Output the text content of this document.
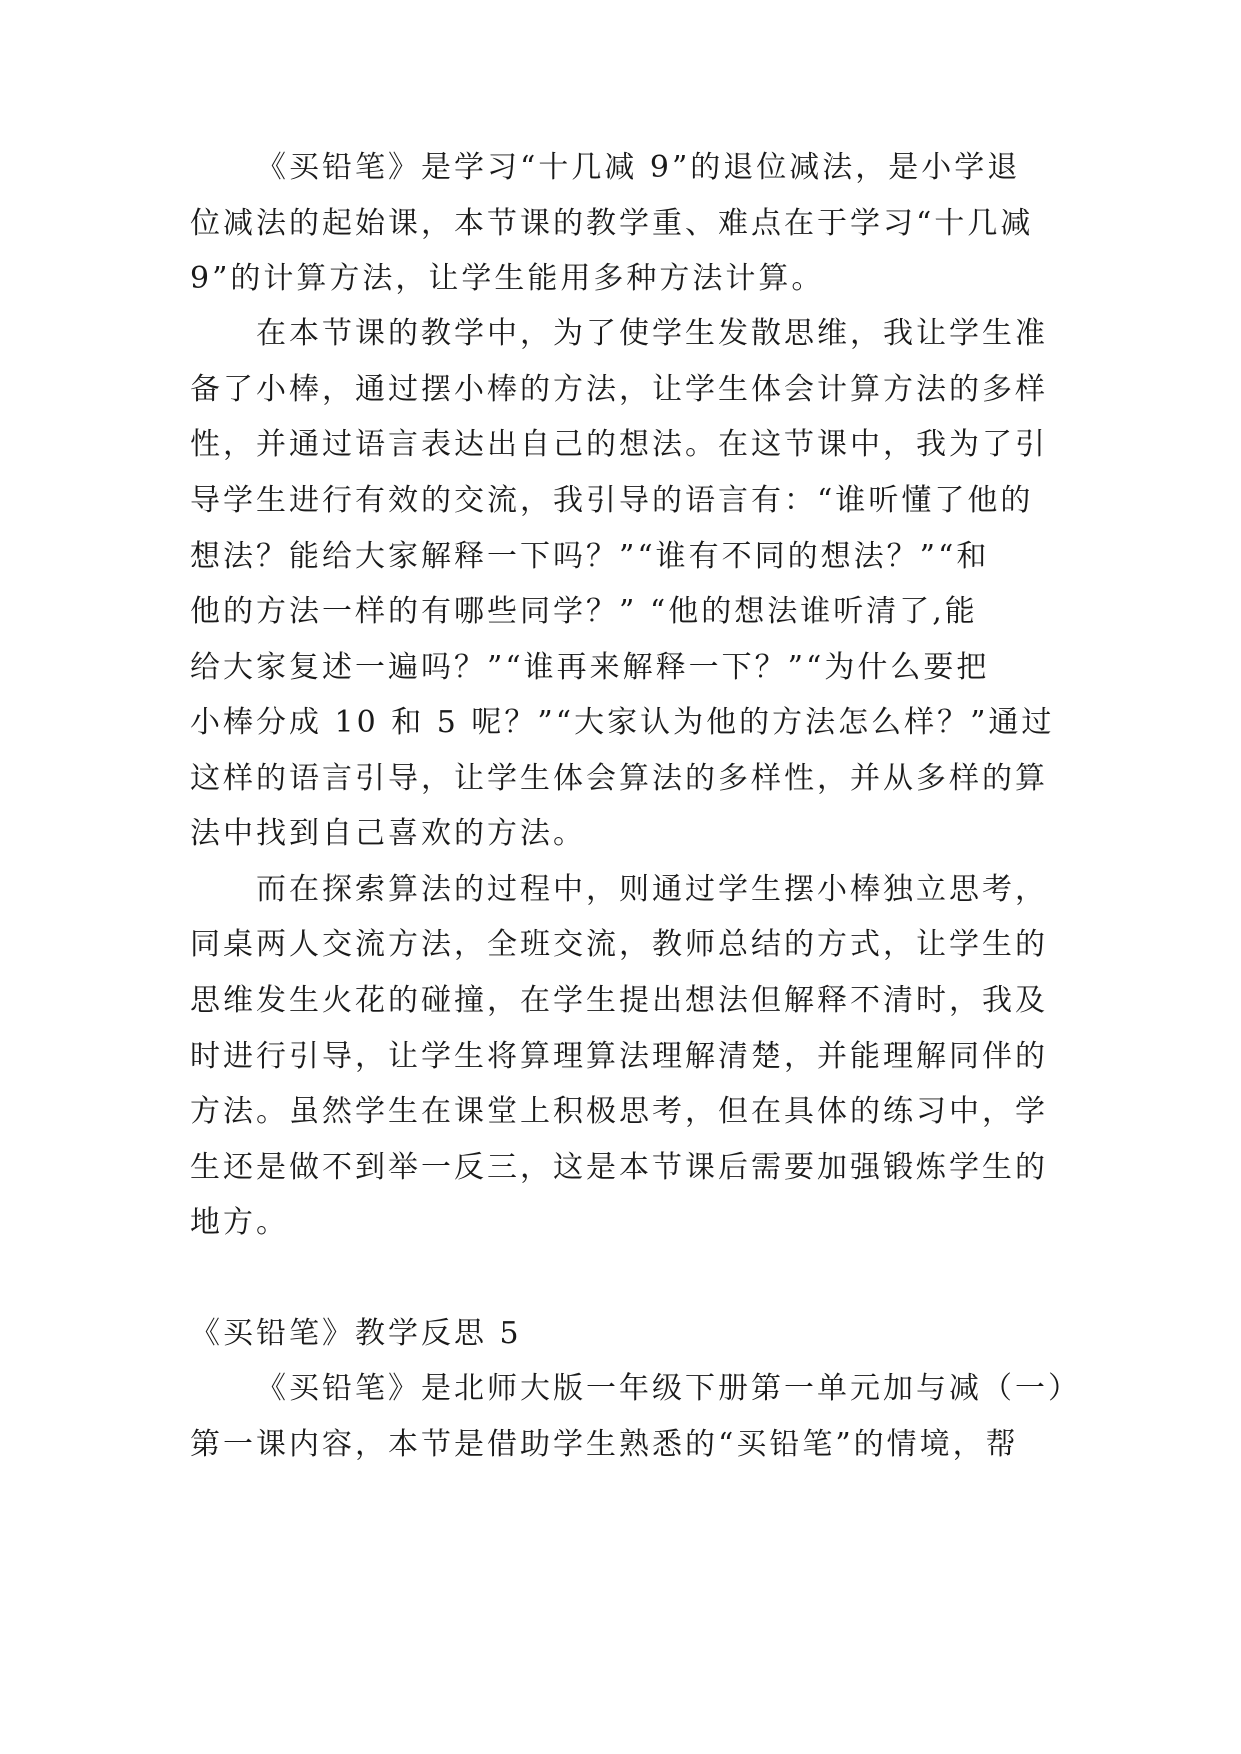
《买铅笔》是学习“十几减 9”的退位减法，是小学退
位减法的起始课，本节课的教学重、难点在于学习“十几减
9”的计算方法，让学生能用多种方法计算。
在本节课的教学中，为了使学生发散思维，我让学生准
备了小棒，通过摆小棒的方法，让学生体会计算方法的多样
性，并通过语言表达出自己的想法。在这节课中，我为了引
导学生进行有效的交流，我引导的语言有：“谁听懂了他的
想法？能给大家解释一下吗？”“谁有不同的想法？”“和
他的方法一样的有哪些同学？” “他的想法谁听清了,能
给大家复述一遍吗？”“谁再来解释一下？”“为什么要把
小棒分成 10 和 5 呢？”“大家认为他的方法怎么样？”通过
这样的语言引导，让学生体会算法的多样性，并从多样的算
法中找到自己喜欢的方法。
而在探索算法的过程中，则通过学生摆小棒独立思考，
同桌两人交流方法，全班交流，教师总结的方式，让学生的
思维发生火花的碰撞，在学生提出想法但解释不清时，我及
时进行引导，让学生将算理算法理解清楚，并能理解同伴的
方法。虽然学生在课堂上积极思考，但在具体的练习中，学
生还是做不到举一反三，这是本节课后需要加强锻炼学生的
地方。
《买铅笔》教学反思 5
《买铅笔》是北师大版一年级下册第一单元加与减（一）
第一课内容，本节是借助学生熟悉的“买铅笔”的情境，帮
